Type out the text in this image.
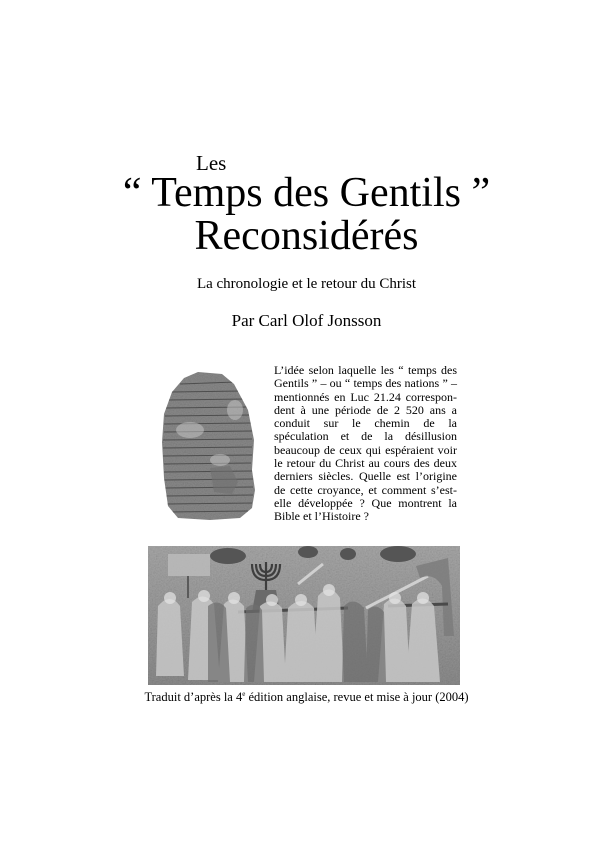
Les
“ Temps des Gentils ”
Reconsidérés

La chronologie et le retour du Christ

Par Carl Olof Jonsson

L’idée selon laquelle les “ temps des Gentils ” – ou “ temps des nations ” – mentionnés en Luc 21.24 correspondent à une période de 2 520 ans a conduit sur le chemin de la spéculation et de la désillusion beaucoup de ceux qui espéraient voir le retour du Christ au cours des deux derniers siècles. Quelle est l’origine de cette croyance, et comment s’est-elle développée ? Que montrent la Bible et l’Histoire ?

Traduit d’après la 4e édition anglaise, revue et mise à jour (2004)
